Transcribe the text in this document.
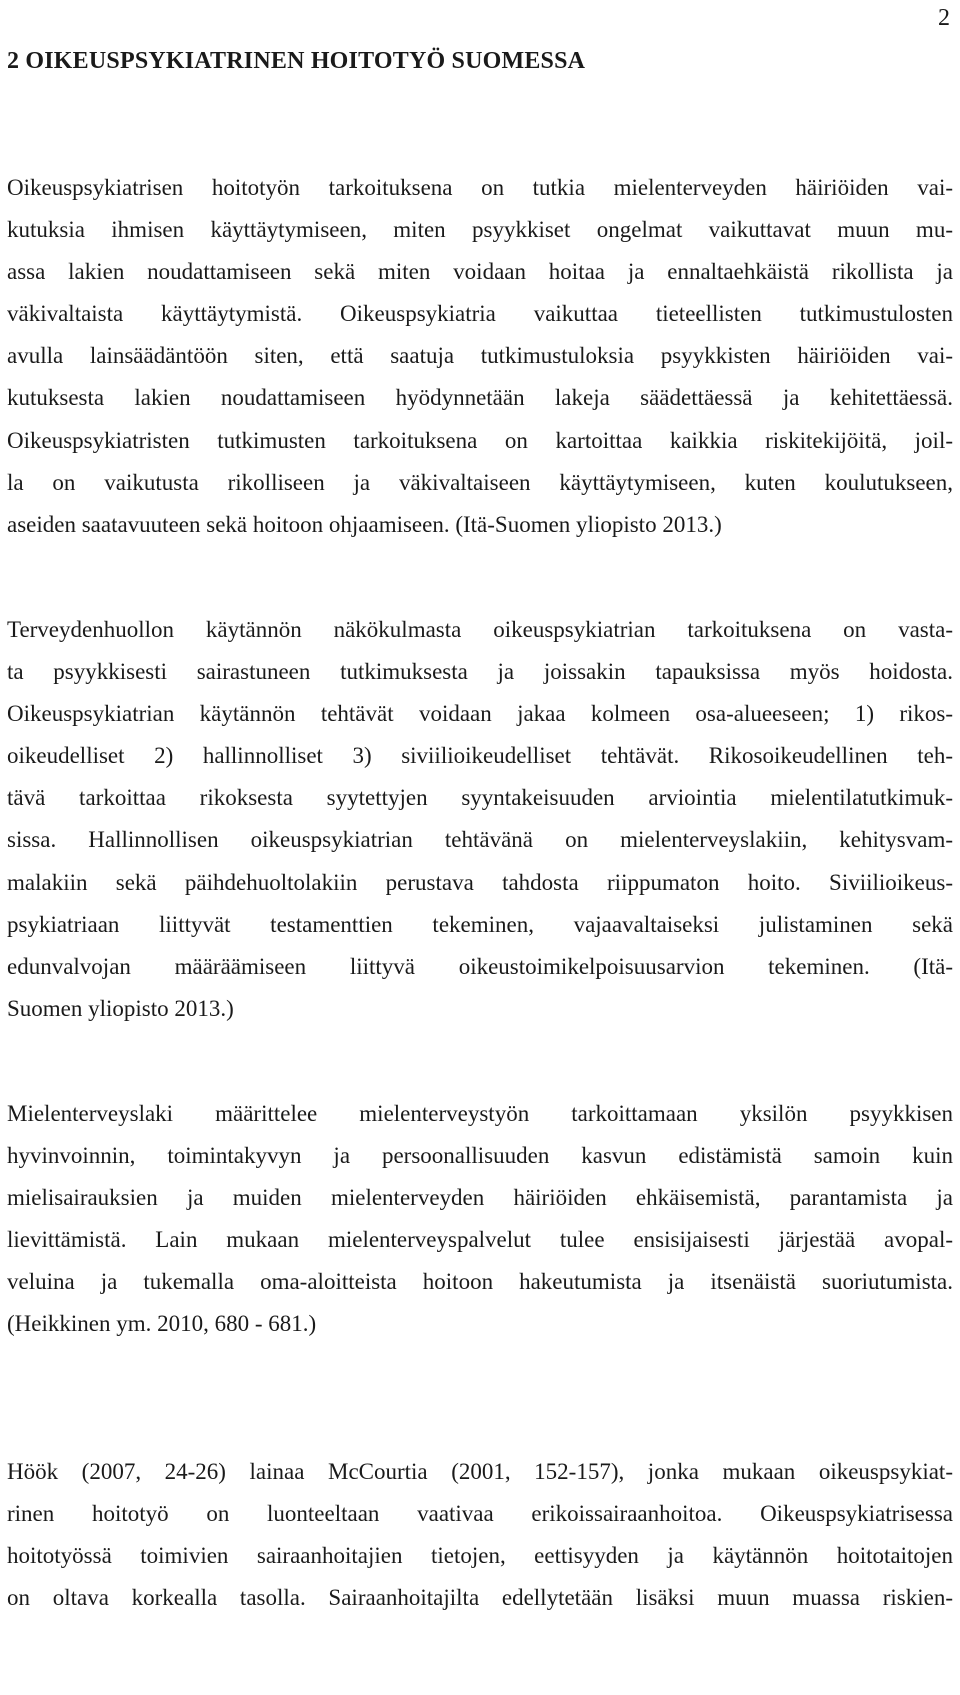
2
2 OIKEUSPSYKIATRINEN HOITOTYÖ SUOMESSA
Oikeuspsykiatrisen hoitotyön tarkoituksena on tutkia mielenterveyden häiriöiden vai-
kutuksia ihmisen käyttäytymiseen, miten psyykkiset ongelmat vaikuttavat muun mu-
assa lakien noudattamiseen sekä miten voidaan hoitaa ja ennaltaehkäistä rikollista ja
väkivaltaista käyttäytymistä. Oikeuspsykiatria vaikuttaa tieteellisten tutkimustulosten
avulla lainsäädäntöön siten, että saatuja tutkimustuloksia psyykkisten häiriöiden vai-
kutuksesta lakien noudattamiseen hyödynnetään lakeja säädettäessä ja kehitettäessä.
Oikeuspsykiatristen tutkimusten tarkoituksena on kartoittaa kaikkia riskitekijöitä, joil-
la on vaikutusta rikolliseen ja väkivaltaiseen käyttäytymiseen, kuten koulutukseen,
aseiden saatavuuteen sekä hoitoon ohjaamiseen. (Itä-Suomen yliopisto 2013.)
Terveydenhuollon käytännön näkökulmasta oikeuspsykiatrian tarkoituksena on vasta-
ta psyykkisesti sairastuneen tutkimuksesta ja joissakin tapauksissa myös hoidosta.
Oikeuspsykiatrian käytännön tehtävät voidaan jakaa kolmeen osa-alueeseen; 1) rikos-
oikeudelliset 2) hallinnolliset 3) siviilioikeudelliset tehtävät. Rikosoikeudellinen teh-
tävä tarkoittaa rikoksesta syytettyjen syyntakeisuuden arviointia mielentilatutkimuk-
sissa. Hallinnollisen oikeuspsykiatrian tehtävänä on mielenterveyslakiin, kehitysvam-
malakiin sekä päihdehuoltolakiin perustava tahdosta riippumaton hoito. Siviilioikeus-
psykiatriaan liittyvät testamenttien tekeminen, vajaavaltaiseksi julistaminen sekä
edunvalvojan määräämiseen liittyvä oikeustoimikelpoisuusarvion tekeminen. (Itä-
Suomen yliopisto 2013.)
Mielenterveyslaki määrittelee mielenterveystyön tarkoittamaan yksilön psyykkisen
hyvinvoinnin, toimintakyvyn ja persoonallisuuden kasvun edistämistä samoin kuin
mielisairauksien ja muiden mielenterveyden häiriöiden ehkäisemistä, parantamista ja
lievittämistä. Lain mukaan mielenterveyspalvelut tulee ensisijaisesti järjestää avopal-
veluina ja tukemalla oma-aloitteista hoitoon hakeutumista ja itsenäistä suoriutumista.
(Heikkinen ym. 2010, 680 - 681.)
Höök (2007, 24-26) lainaa McCourtia (2001, 152-157), jonka mukaan oikeuspsykiat-
rinen hoitotyö on luonteeltaan vaativaa erikoissairaanhoitoa. Oikeuspsykiatrisessa
hoitotyössä toimivien sairaanhoitajien tietojen, eettisyyden ja käytännön hoitotaitojen
on oltava korkealla tasolla. Sairaanhoitajilta edellytetään lisäksi muun muassa riskien-
